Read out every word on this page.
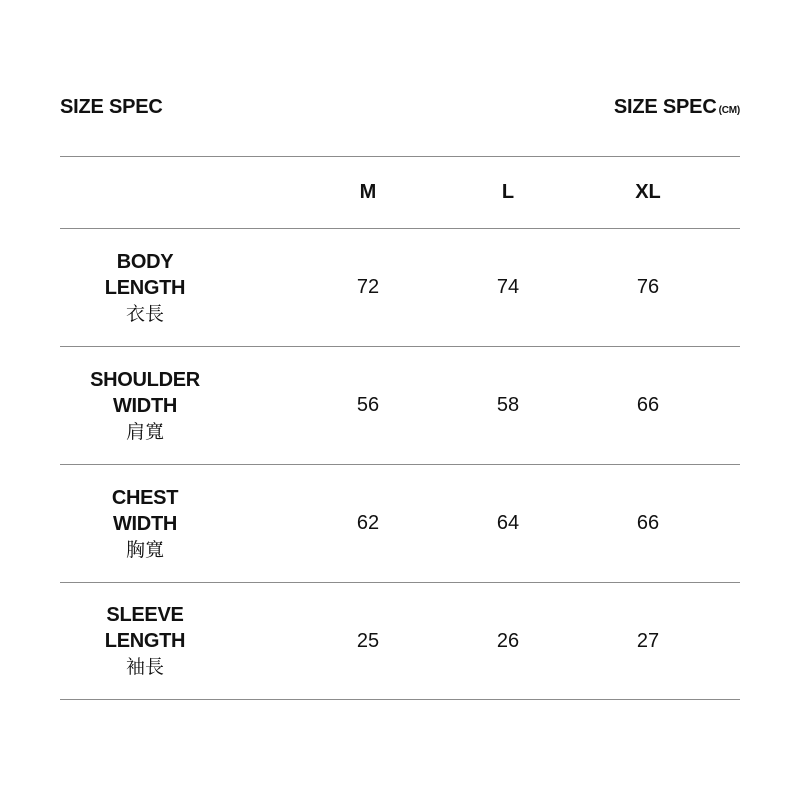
SIZE SPEC	SIZE SPEC (CM)
M	L	XL
BODY
LENGTH
衣長
72	74	76
SHOULDER
WIDTH
肩寬
56	58	66
CHEST
WIDTH
胸寬
62	64	66
SLEEVE
LENGTH
袖長
25	26	27
